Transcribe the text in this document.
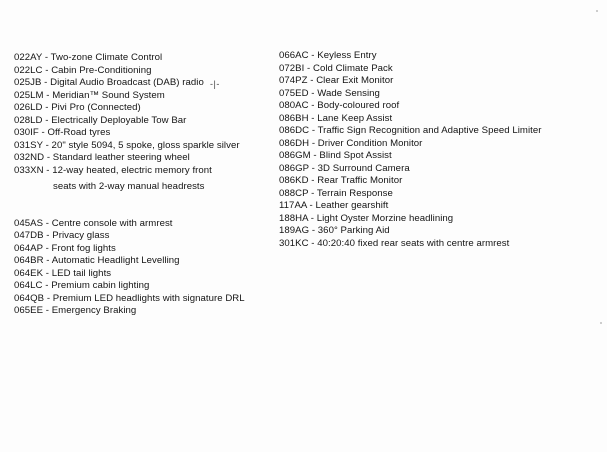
022AY - Two-zone Climate Control
022LC - Cabin Pre-Conditioning
025JB - Digital Audio Broadcast (DAB) radio
025LM - Meridian™ Sound System
026LD - Pivi Pro (Connected)
028LD - Electrically Deployable Tow Bar
030IF - Off-Road tyres
031SY - 20" style 5094, 5 spoke, gloss sparkle silver
032ND - Standard leather steering wheel
033XN - 12-way heated, electric memory front
seats with 2-way manual headrests
045AS - Centre console with armrest
047DB - Privacy glass
064AP - Front fog lights
064BR - Automatic Headlight Levelling
064EK - LED tail lights
064LC - Premium cabin lighting
064QB - Premium LED headlights with signature DRL
065EE - Emergency Braking
-|-
066AC - Keyless Entry
072BI - Cold Climate Pack
074PZ - Clear Exit Monitor
075ED - Wade Sensing
080AC - Body-coloured roof
086BH - Lane Keep Assist
086DC - Traffic Sign Recognition and Adaptive Speed Limiter
086DH - Driver Condition Monitor
086GM - Blind Spot Assist
086GP - 3D Surround Camera
086KD - Rear Traffic Monitor
088CP - Terrain Response
117AA - Leather gearshift
188HA - Light Oyster Morzine headlining
189AG - 360° Parking Aid
301KC - 40:20:40 fixed rear seats with centre armrest
